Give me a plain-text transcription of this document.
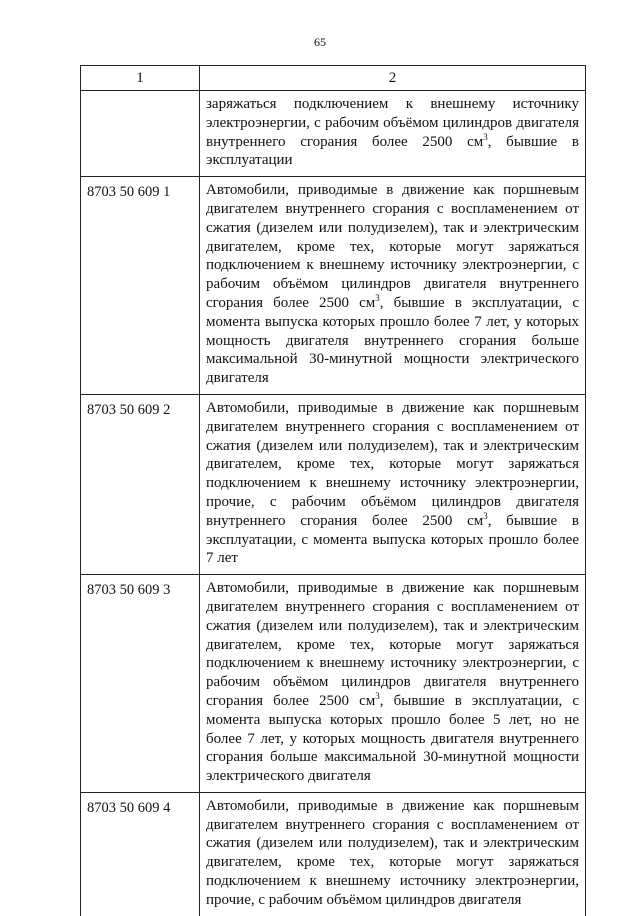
65
1	2
	заряжаться подключением к внешнему источнику электроэнергии, с рабочим объёмом цилиндров двигателя внутреннего сгорания более 2500 $см^3$, бывшие в эксплуатации
8703 50 609 1	Автомобили, приводимые в движение как поршневым двигателем внутреннего сгорания с воспламенением от сжатия (дизелем или полудизелем), так и электрическим двигателем, кроме тех, которые могут заряжаться подключением к внешнему источнику электроэнергии, с рабочим объёмом цилиндров двигателя внутреннего сгорания более 2500 $см^3$, бывшие в эксплуатации, с момента выпуска которых прошло более 7 лет, у которых мощность двигателя внутреннего сгорания больше максимальной 30-минутной мощности электрического двигателя
8703 50 609 2	Автомобили, приводимые в движение как поршневым двигателем внутреннего сгорания с воспламенением от сжатия (дизелем или полудизелем), так и электрическим двигателем, кроме тех, которые могут заряжаться подключением к внешнему источнику электроэнергии, прочие, с рабочим объёмом цилиндров двигателя внутреннего сгорания более 2500 $см^3$, бывшие в эксплуатации, с момента выпуска которых прошло более 7 лет
8703 50 609 3	Автомобили, приводимые в движение как поршневым двигателем внутреннего сгорания с воспламенением от сжатия (дизелем или полудизелем), так и электрическим двигателем, кроме тех, которые могут заряжаться подключением к внешнему источнику электроэнергии, с рабочим объёмом цилиндров двигателя внутреннего сгорания более 2500 $см^3$, бывшие в эксплуатации, с момента выпуска которых прошло более 5 лет, но не более 7 лет, у которых мощность двигателя внутреннего сгорания больше максимальной 30-минутной мощности электрического двигателя
8703 50 609 4	Автомобили, приводимые в движение как поршневым двигателем внутреннего сгорания с воспламенением от сжатия (дизелем или полудизелем), так и электрическим двигателем, кроме тех, которые могут заряжаться подключением к внешнему источнику электроэнергии, прочие, с рабочим объёмом цилиндров двигателя
